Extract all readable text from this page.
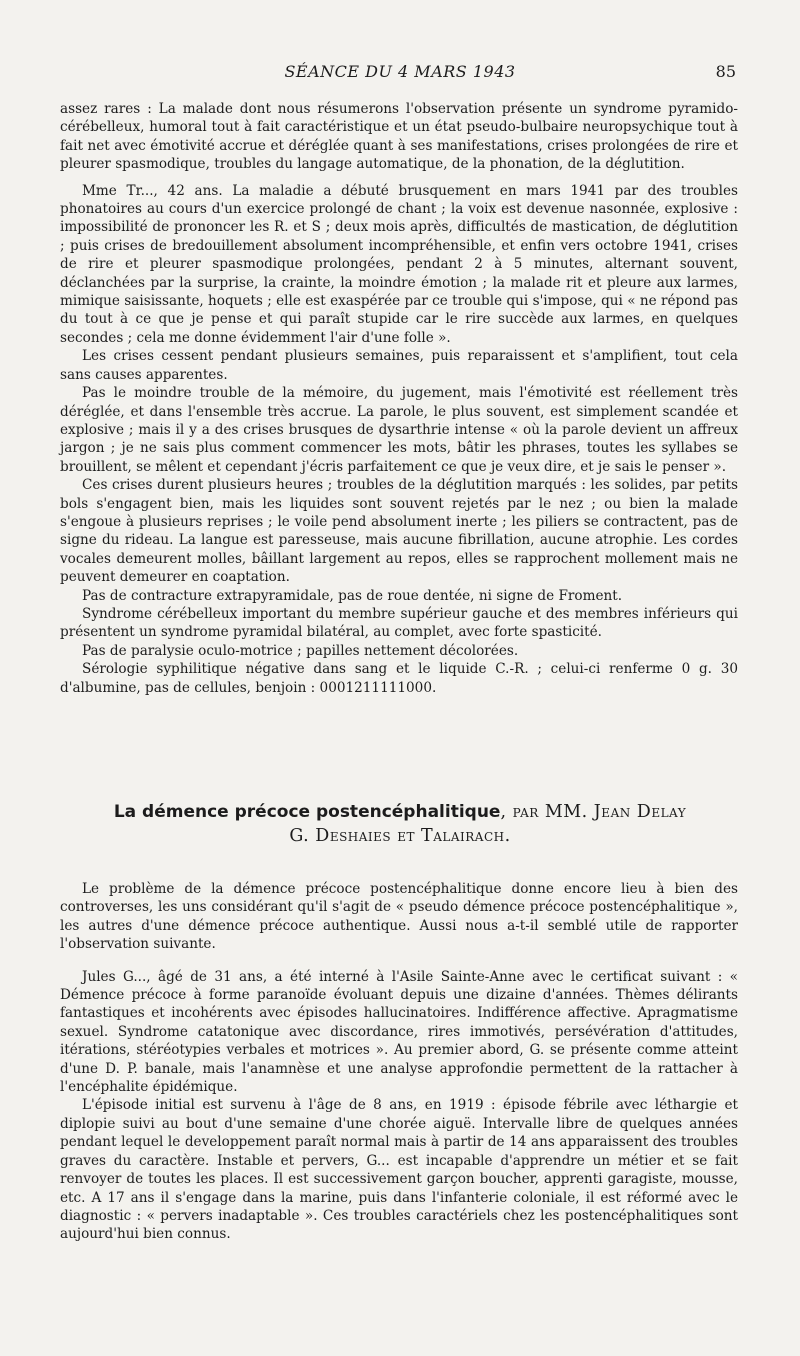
SÉANCE DU 4 MARS 1943	85

assez rares : La malade dont nous résumerons l'observation présente un syndrome pyramido-cérébelleux, humoral tout à fait caractéristique et un état pseudo-bulbaire neuropsychique tout à fait net avec émotivité accrue et déréglée quant à ses manifestations, crises prolongées de rire et pleurer spasmodique, troubles du langage automatique, de la phonation, de la déglutition.

Mme Tr..., 42 ans. La maladie a débuté brusquement en mars 1941 par des troubles phonatoires au cours d'un exercice prolongé de chant ; la voix est devenue nasonnée, explosive : impossibilité de prononcer les R. et S ; deux mois après, difficultés de mastication, de déglutition ; puis crises de bredouillement absolument incompréhensible, et enfin vers octobre 1941, crises de rire et pleurer spasmodique prolongées, pendant 2 à 5 minutes, alternant souvent, déclanchées par la surprise, la crainte, la moindre émotion ; la malade rit et pleure aux larmes, mimique saisissante, hoquets ; elle est exaspérée par ce trouble qui s'impose, qui « ne répond pas du tout à ce que je pense et qui paraît stupide car le rire succède aux larmes, en quelques secondes ; cela me donne évidemment l'air d'une folle ».

Les crises cessent pendant plusieurs semaines, puis reparaissent et s'amplifient, tout cela sans causes apparentes.

Pas le moindre trouble de la mémoire, du jugement, mais l'émotivité est réellement très déréglée, et dans l'ensemble très accrue. La parole, le plus souvent, est simplement scandée et explosive ; mais il y a des crises brusques de dysarthrie intense « où la parole devient un affreux jargon ; je ne sais plus comment commencer les mots, bâtir les phrases, toutes les syllabes se brouillent, se mêlent et cependant j'écris parfaitement ce que je veux dire, et je sais le penser ».

Ces crises durent plusieurs heures ; troubles de la déglutition marqués : les solides, par petits bols s'engagent bien, mais les liquides sont souvent rejetés par le nez ; ou bien la malade s'engoue à plusieurs reprises ; le voile pend absolument inerte ; les piliers se contractent, pas de signe du rideau. La langue est paresseuse, mais aucune fibrillation, aucune atrophie. Les cordes vocales demeurent molles, bâillant largement au repos, elles se rapprochent mollement mais ne peuvent demeurer en coaptation.

Pas de contracture extrapyramidale, pas de roue dentée, ni signe de Froment.

Syndrome cérébelleux important du membre supérieur gauche et des membres inférieurs qui présentent un syndrome pyramidal bilatéral, au complet, avec forte spasticité.

Pas de paralysie oculo-motrice ; papilles nettement décolorées.

Sérologie syphilitique négative dans sang et le liquide C.-R. ; celui-ci renferme 0 g. 30 d'albumine, pas de cellules, benjoin : 0001211111000.

La démence précoce postencéphalitique, par MM. Jean Delay
G. Deshaies et Talairach.

Le problème de la démence précoce postencéphalitique donne encore lieu à bien des controverses, les uns considérant qu'il s'agit de « pseudo démence précoce postencéphalitique », les autres d'une démence précoce authentique. Aussi nous a-t-il semblé utile de rapporter l'observation suivante.

Jules G..., âgé de 31 ans, a été interné à l'Asile Sainte-Anne avec le certificat suivant : « Démence précoce à forme paranoïde évoluant depuis une dizaine d'années. Thèmes délirants fantastiques et incohérents avec épisodes hallucinatoires. Indifférence affective. Apragmatisme sexuel. Syndrome catatonique avec discordance, rires immotivés, persévération d'attitudes, itérations, stéréotypies verbales et motrices ». Au premier abord, G. se présente comme atteint d'une D. P. banale, mais l'anamnèse et une analyse approfondie permettent de la rattacher à l'encéphalite épidémique.

L'épisode initial est survenu à l'âge de 8 ans, en 1919 : épisode fébrile avec léthargie et diplopie suivi au bout d'une semaine d'une chorée aiguë. Intervalle libre de quelques années pendant lequel le developpement paraît normal mais à partir de 14 ans apparaissent des troubles graves du caractère. Instable et pervers, G... est incapable d'apprendre un métier et se fait renvoyer de toutes les places. Il est successivement garçon boucher, apprenti garagiste, mousse, etc. A 17 ans il s'engage dans la marine, puis dans l'infanterie coloniale, il est réformé avec le diagnostic : « pervers inadaptable ». Ces troubles caractériels chez les postencéphalitiques sont aujourd'hui bien connus.
